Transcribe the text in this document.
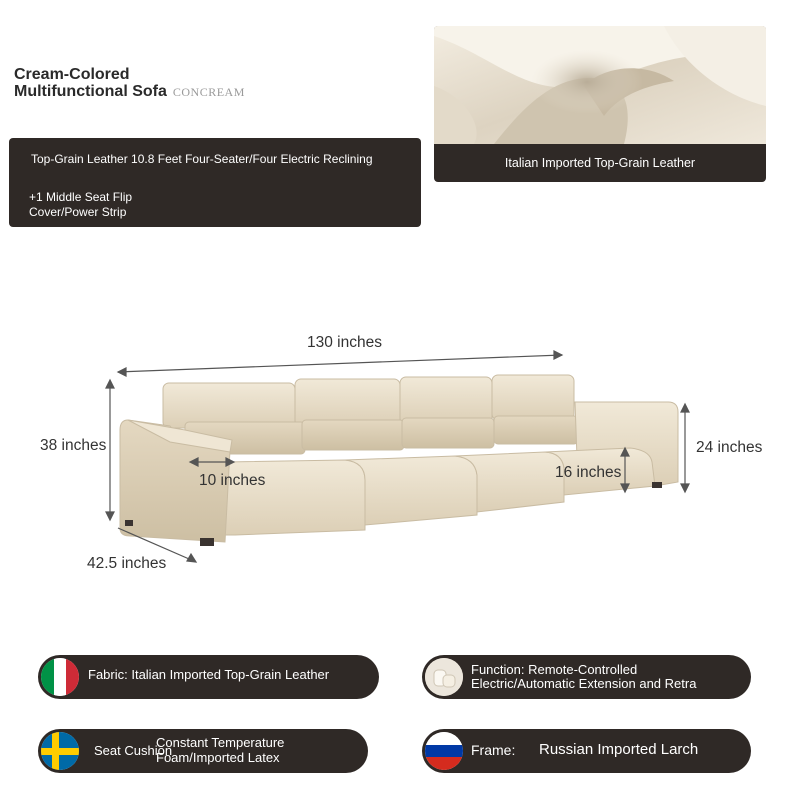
Cream-Colored
Multifunctional Sofa CONCREAM
Top-Grain Leather 10.8 Feet Four-Seater/Four Electric Reclining
+1 Middle Seat Flip Cover/Power Strip
Italian Imported Top-Grain Leather
130 inches
38 inches	24 inches
10 inches	16 inches
42.5 inches
Fabric: Italian Imported Top-Grain Leather	Function: Remote-Controlled
Electric/Automatic Extension and Retra
Seat Cushion
Constant Temperature
Foam/Imported Latex	Frame: Russian Imported Larch
